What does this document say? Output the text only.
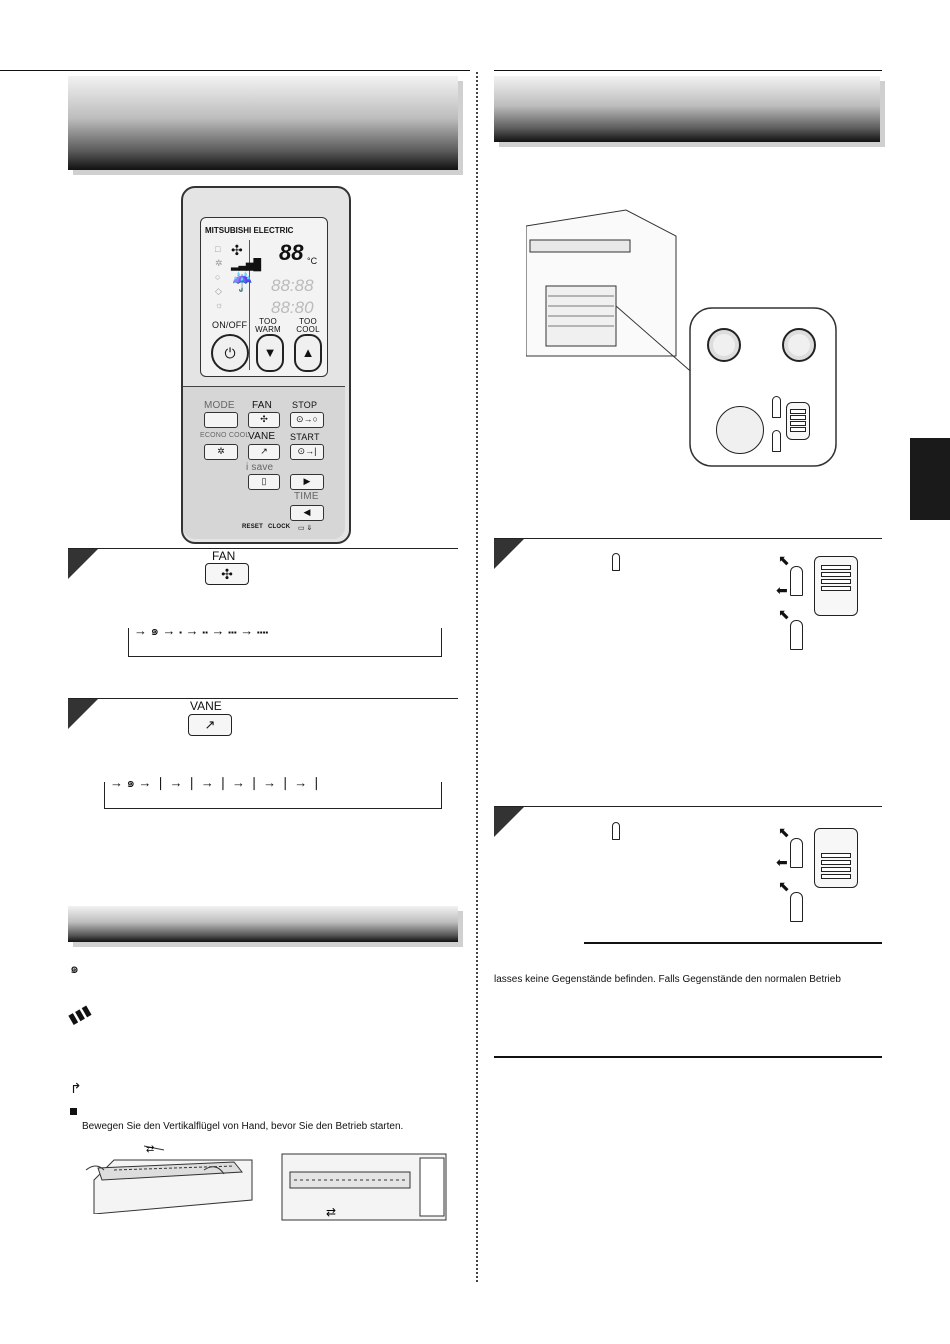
MITSUBISHI ELECTRIC
✣
▂▃▅█
☔
88 °C
88:88
88:80
□
✲
○
◇
☼
ON/OFF	TOO WARM
TOO COOL
⏻	▼	▲
MODE FAN
✣
STOP
⊙→○
ECONO COOL
✲
VANE
↗
START
⊙→|
i save
▯	▶
TIME
◀
RESET CLOCK ▭ ⇓
FAN
✣
→ ๑ → ▪ → ▪▪ → ▪▪▪ → ▪▪▪▪
VANE
↗
→ ๑ → ❘ → ❘ → ❘ → ❘ → ❘ → ❘
๑
▮▮▮
↱
Bewegen Sie den Vertikalflügel von Hand, bevor Sie den Betrieb starten.
⇄
⇄
⬉
⬅
⬉
⬉
⬅
⬉
lasses keine Gegenstände befinden. Falls Gegenstände den normalen Betrieb
